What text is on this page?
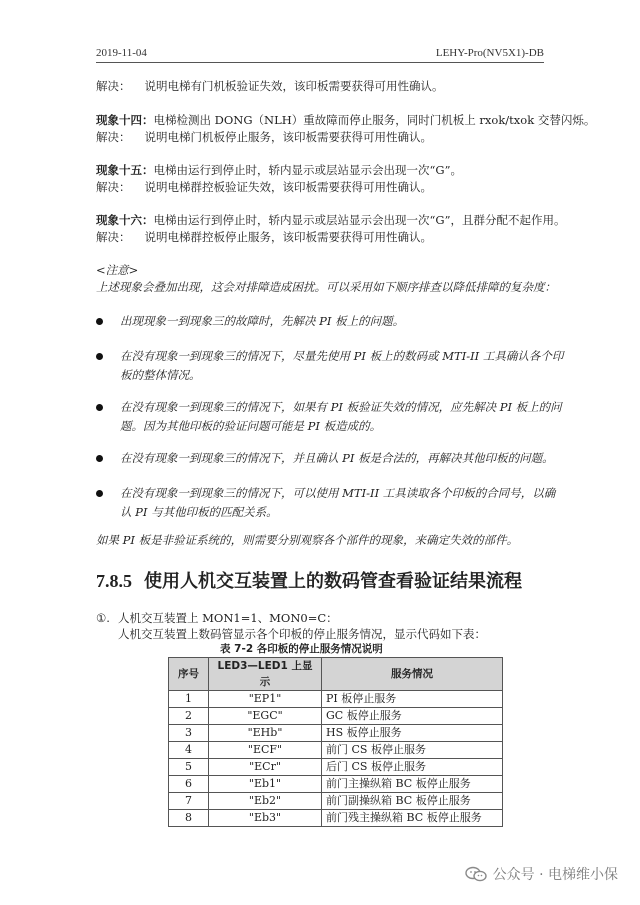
2019-11-04	LEHY-Pro(NV5X1)-DB
解决： 说明电梯有门机板验证失效，该印板需要获得可用性确认。
现象十四：电梯检测出 DONG（NLH）重故障而停止服务，同时门机板上 rxok/txok 交替闪烁。
解决： 说明电梯门机板停止服务，该印板需要获得可用性确认。
现象十五：电梯由运行到停止时，轿内显示或层站显示会出现一次“G”。
解决： 说明电梯群控板验证失效，该印板需要获得可用性确认。
现象十六：电梯由运行到停止时，轿内显示或层站显示会出现一次“G”，且群分配不起作用。
解决： 说明电梯群控板停止服务，该印板需要获得可用性确认。
<注意>
上述现象会叠加出现，这会对排障造成困扰。可以采用如下顺序排查以降低排障的复杂度：
出现现象一到现象三的故障时，先解决 PI 板上的问题。
在没有现象一到现象三的情况下，尽量先使用 PI 板上的数码或 MTI-II 工具确认各个印
板的整体情况。
在没有现象一到现象三的情况下，如果有 PI 板验证失效的情况，应先解决 PI 板上的问
题。因为其他印板的验证问题可能是 PI 板造成的。
在没有现象一到现象三的情况下，并且确认 PI 板是合法的，再解决其他印板的问题。
在没有现象一到现象三的情况下，可以使用 MTI-II 工具读取各个印板的合同号，以确
认 PI 与其他印板的匹配关系。
如果 PI 板是非验证系统的，则需要分别观察各个部件的现象，来确定失效的部件。
7.8.5 使用人机交互装置上的数码管查看验证结果流程
①. 人机交互装置上 MON1=1、MON0=C：
人机交互装置上数码管显示各个印板的停止服务情况，显示代码如下表：
表 7-2 各印板的停止服务情况说明
序号	LED3—LED1 上显示	服务情况
1	"EP1"	PI 板停止服务
2	"EGC"	GC 板停止服务
3	"EHb"	HS 板停止服务
4	"ECF"	前门 CS 板停止服务
5	"ECr"	后门 CS 板停止服务
6	"Eb1"	前门主操纵箱 BC 板停止服务
7	"Eb2"	前门副操纵箱 BC 板停止服务
8	"Eb3"	前门残主操纵箱 BC 板停止服务
公众号 · 电梯维小保
